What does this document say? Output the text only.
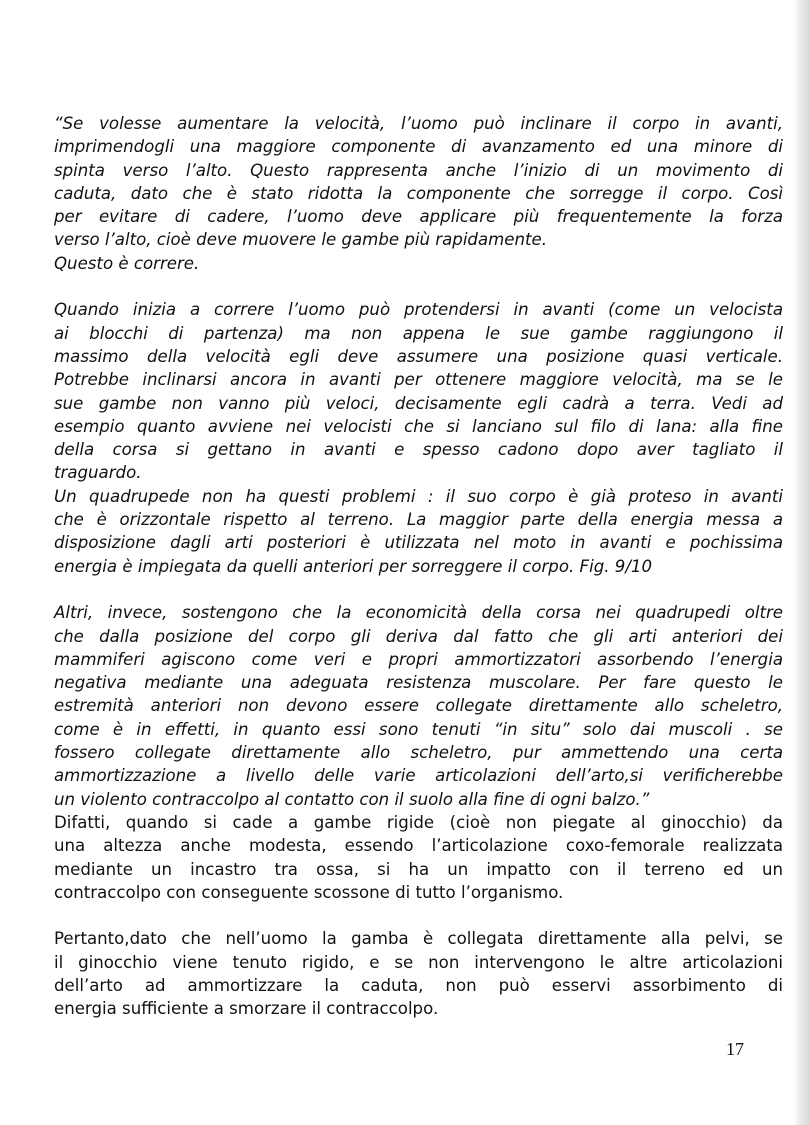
“Se volesse aumentare la velocità, l’uomo può inclinare il corpo in avanti,
imprimendogli una maggiore componente di avanzamento ed una minore di
spinta verso l’alto. Questo rappresenta anche l’inizio di un movimento di
caduta, dato che è stato ridotta la componente che sorregge il corpo. Così
per evitare di cadere, l’uomo deve applicare più frequentemente la forza
verso l’alto, cioè deve muovere le gambe più rapidamente.
Questo è correre.
Quando inizia a correre l’uomo può protendersi in avanti (come un velocista
ai blocchi di partenza) ma non appena le sue gambe raggiungono il
massimo della velocità egli deve assumere una posizione quasi verticale.
Potrebbe inclinarsi ancora in avanti per ottenere maggiore velocità, ma se le
sue gambe non vanno più veloci, decisamente egli cadrà a terra. Vedi ad
esempio quanto avviene nei velocisti che si lanciano sul filo di lana: alla fine
della corsa si gettano in avanti e spesso cadono dopo aver tagliato il
traguardo.
Un quadrupede non ha questi problemi : il suo corpo è già proteso in avanti
che è orizzontale rispetto al terreno. La maggior parte della energia messa a
disposizione dagli arti posteriori è utilizzata nel moto in avanti e pochissima
energia è impiegata da quelli anteriori per sorreggere il corpo. Fig. 9/10
Altri, invece, sostengono che la economicità della corsa nei quadrupedi oltre
che dalla posizione del corpo gli deriva dal fatto che gli arti anteriori dei
mammiferi agiscono come veri e propri ammortizzatori assorbendo l’energia
negativa mediante una adeguata resistenza muscolare. Per fare questo le
estremità anteriori non devono essere collegate direttamente allo scheletro,
come è in effetti, in quanto essi sono tenuti “in situ” solo dai muscoli . se
fossero collegate direttamente allo scheletro, pur ammettendo una certa
ammortizzazione a livello delle varie articolazioni dell’arto,si verificherebbe
un violento contraccolpo al contatto con il suolo alla fine di ogni balzo.”
Difatti, quando si cade a gambe rigide (cioè non piegate al ginocchio) da
una altezza anche modesta, essendo l’articolazione coxo-femorale realizzata
mediante un incastro tra ossa, si ha un impatto con il terreno ed un
contraccolpo con conseguente scossone di tutto l’organismo.
Pertanto,dato che nell’uomo la gamba è collegata direttamente alla pelvi, se
il ginocchio viene tenuto rigido, e se non intervengono le altre articolazioni
dell’arto ad ammortizzare la caduta, non può esservi assorbimento di
energia sufficiente a smorzare il contraccolpo.
17
